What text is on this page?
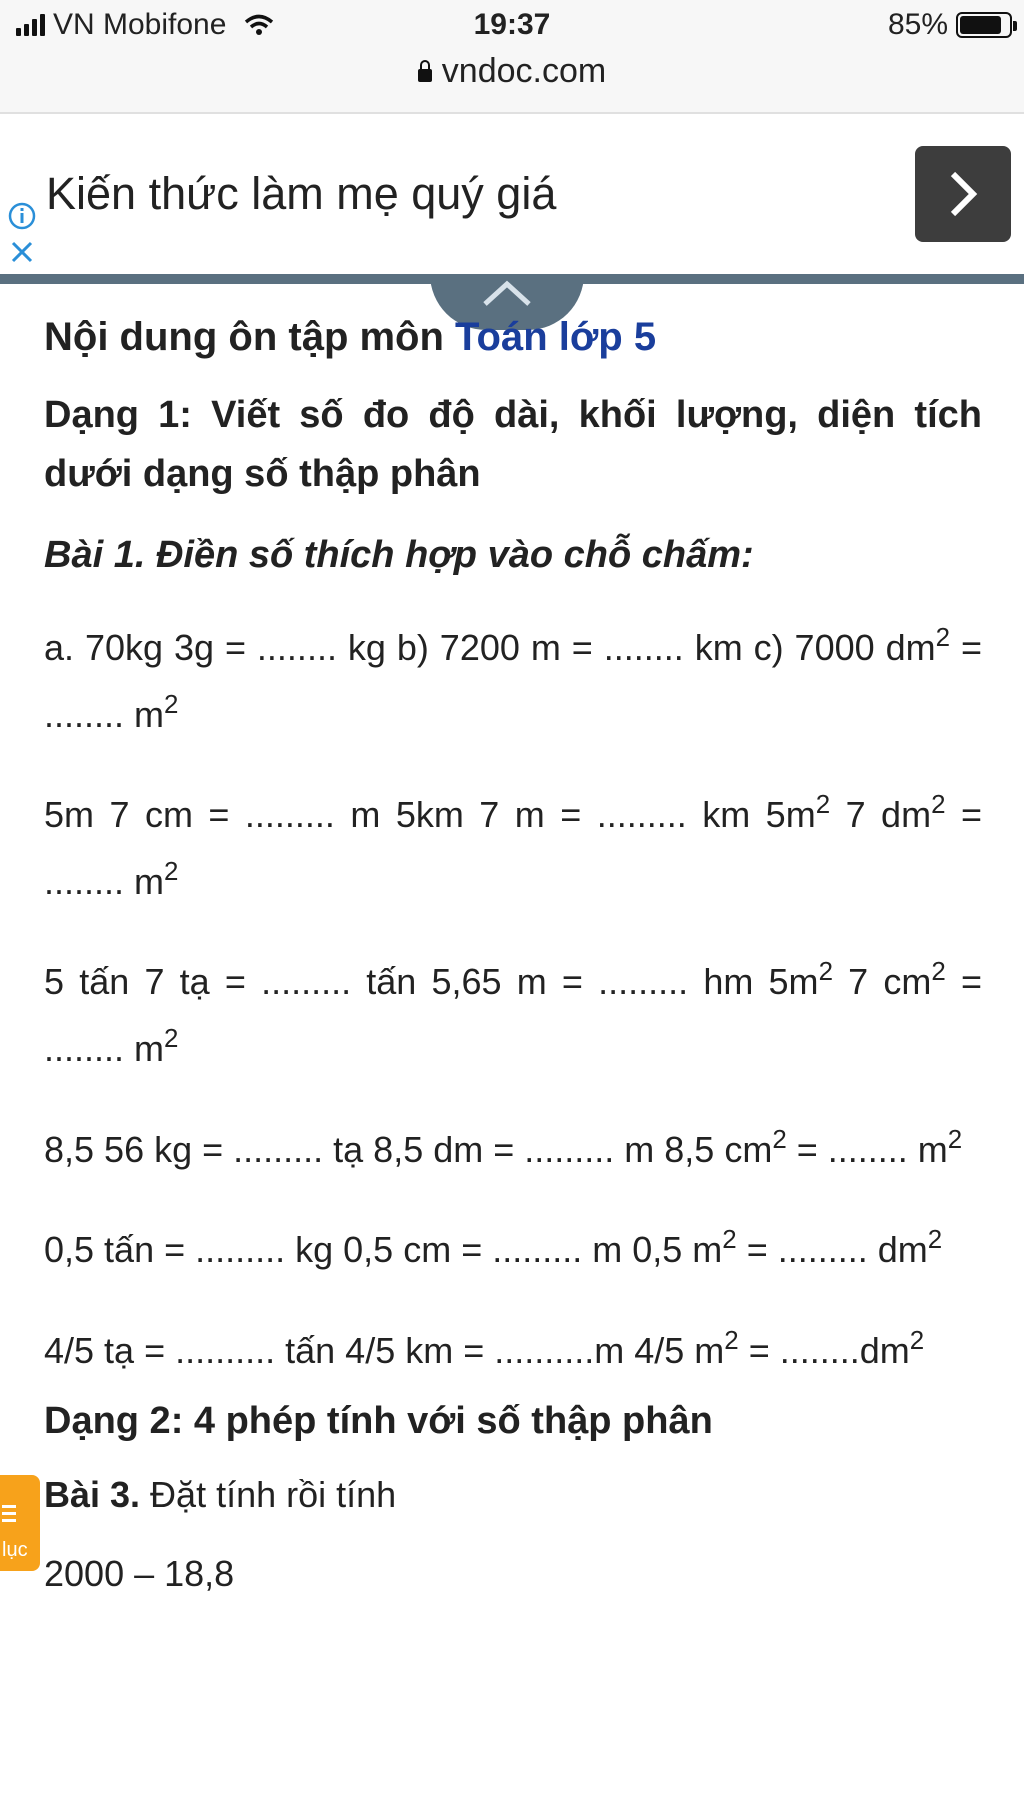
VN Mobifone	19:37	85%
vndoc.com
Kiến thức làm mẹ quý giá
Nội dung ôn tập môn Toán lớp 5

Dạng 1: Viết số đo độ dài, khối lượng, diện tích dưới dạng số thập phân

Bài 1. Điền số thích hợp vào chỗ chấm:

a. 70kg 3g = ........ kg b) 7200 m = ........ km c) 7000 $dm^2$ = ........ $m^2$
5m 7 cm = ......... m 5km 7 m = ......... km $5m^2$ 7 $dm^2$ = ........ $m^2$
5 tấn 7 tạ = ......... tấn 5,65 m = ......... hm $5m^2$ 7 $cm^2$ = ........ $m^2$
8,5 56 kg = ......... tạ 8,5 dm = ......... m 8,5 $cm^2$ = ........ $m^2$
0,5 tấn = ......... kg 0,5 cm = ......... m 0,5 $m^2$ = ......... $dm^2$
4/5 tạ = .......... tấn 4/5 km = ..........m 4/5 $m^2 = ........dm^2$

Dạng 2: 4 phép tính với số thập phân

Bài 3. Đặt tính rồi tính
2000 – 18,8
lục
